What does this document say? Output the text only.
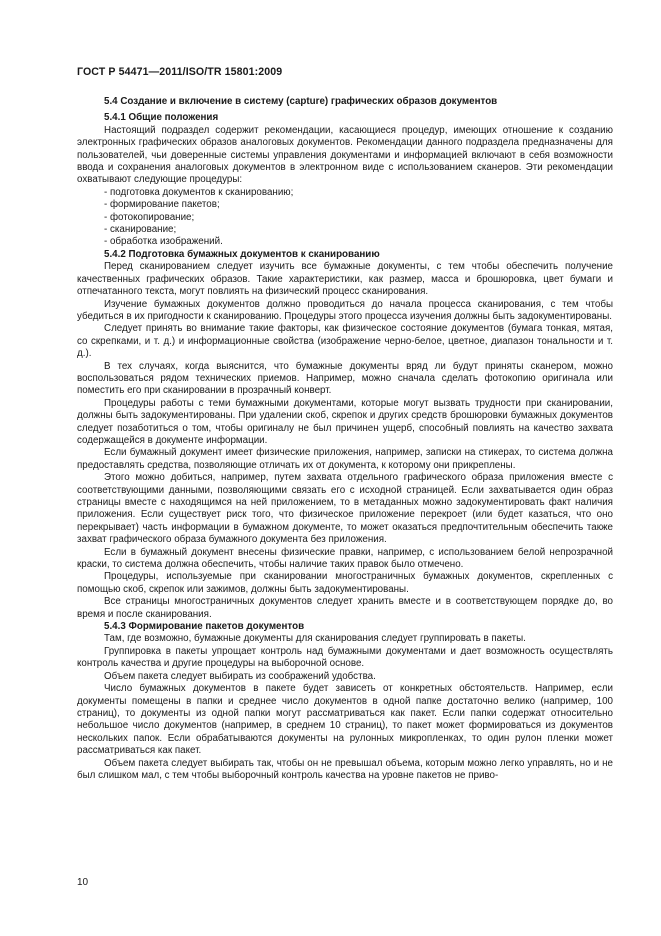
ГОСТ Р 54471—2011/ISO/TR 15801:2009
5.4 Создание и включение в систему (capture) графических образов документов
5.4.1 Общие положения

Настоящий подраздел содержит рекомендации, касающиеся процедур, имеющих отношение к созданию электронных графических образов аналоговых документов. Рекомендации данного подраздела предназначены для пользователей, чьи доверенные системы управления документами и информацией включают в себя возможности ввода и сохранения аналоговых документов в электронном виде с использованием сканеров. Эти рекомендации охватывают следующие процедуры:

- подготовка документов к сканированию;

- формирование пакетов;

- фотокопирование;

- сканирование;

- обработка изображений.

5.4.2 Подготовка бумажных документов к сканированию

Перед сканированием следует изучить все бумажные документы, с тем чтобы обеспечить получение качественных графических образов. Такие характеристики, как размер, масса и брошюровка, цвет бумаги и отпечатанного текста, могут повлиять на физический процесс сканирования.

Изучение бумажных документов должно проводиться до начала процесса сканирования, с тем чтобы убедиться в их пригодности к сканированию. Процедуры этого процесса изучения должны быть задокументированы.

Следует принять во внимание такие факторы, как физическое состояние документов (бумага тонкая, мятая, со скрепками, и т. д.) и информационные свойства (изображение черно-белое, цветное, диапазон тональности и т. д.).

В тех случаях, когда выяснится, что бумажные документы вряд ли будут приняты сканером, можно воспользоваться рядом технических приемов. Например, можно сначала сделать фотокопию оригинала или поместить его при сканировании в прозрачный конверт.

Процедуры работы с теми бумажными документами, которые могут вызвать трудности при сканировании, должны быть задокументированы. При удалении скоб, скрепок и других средств брошюровки бумажных документов следует позаботиться о том, чтобы оригиналу не был причинен ущерб, способный повлиять на качество захвата содержащейся в документе информации.

Если бумажный документ имеет физические приложения, например, записки на стикерах, то система должна предоставлять средства, позволяющие отличать их от документа, к которому они прикреплены.

Этого можно добиться, например, путем захвата отдельного графического образа приложения вместе с соответствующими данными, позволяющими связать его с исходной страницей. Если захватывается один образ страницы вместе с находящимся на ней приложением, то в метаданных можно задокументировать факт наличия приложения. Если существует риск того, что физическое приложение перекроет (или будет казаться, что оно перекрывает) часть информации в бумажном документе, то может оказаться предпочтительным обеспечить также захват графического образа бумажного документа без приложения.

Если в бумажный документ внесены физические правки, например, с использованием белой непрозрачной краски, то система должна обеспечить, чтобы наличие таких правок было отмечено.

Процедуры, используемые при сканировании многостраничных бумажных документов, скрепленных с помощью скоб, скрепок или зажимов, должны быть задокументированы.

Все страницы многостраничных документов следует хранить вместе и в соответствующем порядке до, во время и после сканирования.

5.4.3 Формирование пакетов документов

Там, где возможно, бумажные документы для сканирования следует группировать в пакеты.

Группировка в пакеты упрощает контроль над бумажными документами и дает возможность осуществлять контроль качества и другие процедуры на выборочной основе.

Объем пакета следует выбирать из соображений удобства.

Число бумажных документов в пакете будет зависеть от конкретных обстоятельств. Например, если документы помещены в папки и среднее число документов в одной папке достаточно велико (например, 100 страниц), то документы из одной папки могут рассматриваться как пакет. Если папки содержат относительно небольшое число документов (например, в среднем 10 страниц), то пакет может формироваться из документов нескольких папок. Если обрабатываются документы на рулонных микропленках, то один рулон пленки может рассматриваться как пакет.

Объем пакета следует выбирать так, чтобы он не превышал объема, которым можно легко управлять, но и не был слишком мал, с тем чтобы выборочный контроль качества на уровне пакетов не приво-

10
